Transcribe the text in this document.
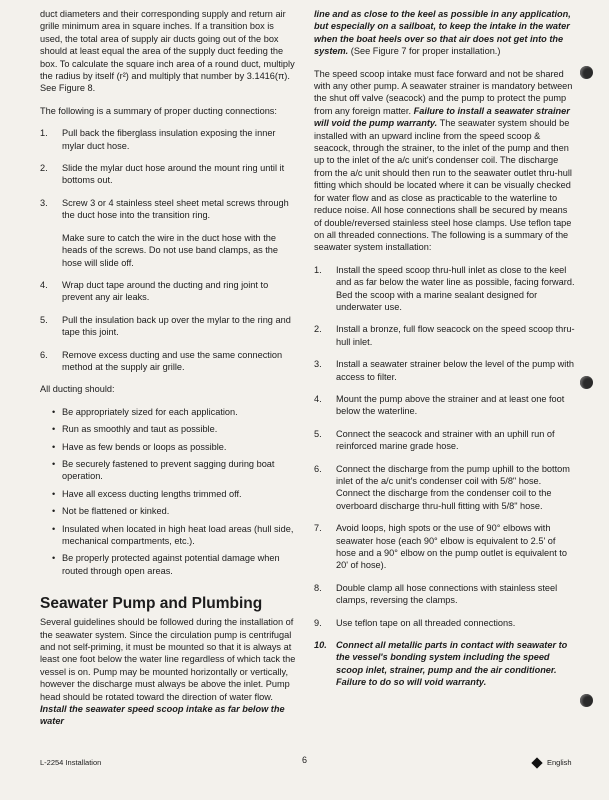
duct diameters and their corresponding supply and return air grille minimum area in square inches. If a transition box is used, the total area of supply air ducts going out of the box should at least equal the area of the supply duct feeding the box. To calculate the square inch area of a round duct, multiply the radius by itself (r²) and multiply that number by 3.1416(π). See Figure 8.

The following is a summary of proper ducting connections:

1. Pull back the fiberglass insulation exposing the inner mylar duct hose.
2. Slide the mylar duct hose around the mount ring until it bottoms out.
3. Screw 3 or 4 stainless steel sheet metal screws through the duct hose into the transition ring.
Make sure to catch the wire in the duct hose with the heads of the screws. Do not use band clamps, as the hose will slide off.
4. Wrap duct tape around the ducting and ring joint to prevent any air leaks.
5. Pull the insulation back up over the mylar to the ring and tape this joint.
6. Remove excess ducting and use the same connection method at the supply air grille.

All ducting should:

• Be appropriately sized for each application.
• Run as smoothly and taut as possible.
• Have as few bends or loops as possible.
• Be securely fastened to prevent sagging during boat operation.
• Have all excess ducting lengths trimmed off.
• Not be flattened or kinked.
• Insulated when located in high heat load areas (hull side, mechanical compartments, etc.).
• Be properly protected against potential damage when routed through open areas.
Seawater Pump and Plumbing

Several guidelines should be followed during the installation of the seawater system. Since the circulation pump is centrifugal and not self-priming, it must be mounted so that it is always at least one foot below the water line regardless of which tack the vessel is on. Pump may be mounted horizontally or vertically, however the discharge must always be above the inlet. Pump head should be rotated toward the direction of water flow. Install the seawater speed scoop intake as far below the water

line and as close to the keel as possible in any application, but especially on a sailboat, to keep the intake in the water when the boat heels over so that air does not get into the system. (See Figure 7 for proper installation.)

The speed scoop intake must face forward and not be shared with any other pump. A seawater strainer is mandatory between the shut off valve (seacock) and the pump to protect the pump from any foreign matter. Failure to install a seawater strainer will void the pump warranty. The seawater system should be installed with an upward incline from the speed scoop & seacock, through the strainer, to the inlet of the pump and then up to the inlet of the a/c unit's condenser coil. The discharge from the a/c unit should then run to the seawater outlet thru-hull fitting which should be located where it can be visually checked for water flow and as close as practicable to the waterline to reduce noise. All hose connections shall be secured by means of double/reversed stainless steel hose clamps. Use teflon tape on all threaded connections. The following is a summary of the seawater system installation:

1. Install the speed scoop thru-hull inlet as close to the keel and as far below the water line as possible, facing forward. Bed the scoop with a marine sealant designed for underwater use.
2. Install a bronze, full flow seacock on the speed scoop thru-hull inlet.
3. Install a seawater strainer below the level of the pump with access to filter.
4. Mount the pump above the strainer and at least one foot below the waterline.
5. Connect the seacock and strainer with an uphill run of reinforced marine grade hose.
6. Connect the discharge from the pump uphill to the bottom inlet of the a/c unit's condenser coil with 5/8" hose. Connect the discharge from the condenser coil to the overboard discharge thru-hull fitting with 5/8" hose.
7. Avoid loops, high spots or the use of 90° elbows with seawater hose (each 90° elbow is equivalent to 2.5' of hose and a 90° elbow on the pump outlet is equivalent to 20' of hose).
8. Double clamp all hose connections with stainless steel clamps, reversing the clamps.
9. Use teflon tape on all threaded connections.
10. Connect all metallic parts in contact with seawater to the vessel's bonding system including the speed scoop inlet, strainer, pump and the air conditioner. Failure to do so will void warranty.
L-2254 Installation	6	English
